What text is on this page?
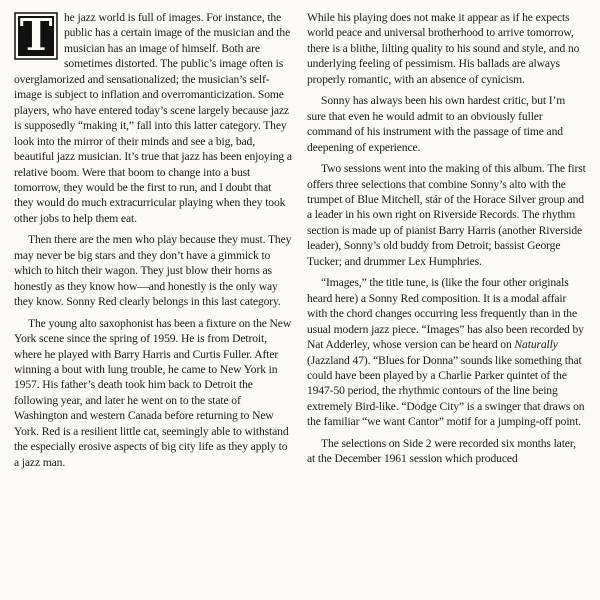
T he jazz world is full of images. For instance, the public has a certain image of the musician and the musician has an image of himself. Both are sometimes distorted. The public’s image often is overglamorized and sensationalized; the musician’s self-image is subject to inflation and overromanticization. Some players, who have entered today’s scene largely because jazz is supposedly “making it,” fall into this latter category. They look into the mirror of their minds and see a big, bad, beautiful jazz musician. It’s true that jazz has been enjoying a relative boom. Were that boom to change into a bust tomorrow, they would be the first to run, and I doubt that they would do much extracurricular playing when they took other jobs to help them eat.

Then there are the men who play because they must. They may never be big stars and they don’t have a gimmick to which to hitch their wagon. They just blow their horns as honestly as they know how—and honestly is the only way they know. Sonny Red clearly belongs in this last category.

The young alto saxophonist has been a fixture on the New York scene since the spring of 1959. He is from Detroit, where he played with Barry Harris and Curtis Fuller. After winning a bout with lung trouble, he came to New York in 1957. His father’s death took him back to Detroit the following year, and later he went on to the state of Washington and western Canada before returning to New York. Red is a resilient little cat, seemingly able to withstand the especially erosive aspects of big city life as they apply to a jazz man.

While his playing does not make it appear as if he expects world peace and universal brotherhood to arrive tomorrow, there is a blithe, lilting quality to his sound and style, and no underlying feeling of pessimism. His ballads are always properly romantic, with an absence of cynicism.

Sonny has always been his own hardest critic, but I’m sure that even he would admit to an obviously fuller command of his instrument with the passage of time and deepening of experience.

Two sessions went into the making of this album. The first offers three selections that combine Sonny’s alto with the trumpet of Blue Mitchell, stár of the Horace Silver group and a leader in his own right on Riverside Records. The rhythm section is made up of pianist Barry Harris (another Riverside leader), Sonny’s old buddy from Detroit; bassist George Tucker; and drummer Lex Humphries.

“Images,” the title tune, is (like the four other originals heard here) a Sonny Red composition. It is a modal affair with the chord changes occurring less frequently than in the usual modern jazz piece. “Images” has also been recorded by Nat Adderley, whose version can be heard on Naturally (Jazzland 47). “Blues for Donna” sounds like something that could have been played by a Charlie Parker quintet of the 1947-50 period, the rhythmic contours of the line being extremely Bird-like. “Dodge City” is a swinger that draws on the familiar “we want Cantor” motif for a jumping-off point.

The selections on Side 2 were recorded six months later, at the December 1961 session which produced
